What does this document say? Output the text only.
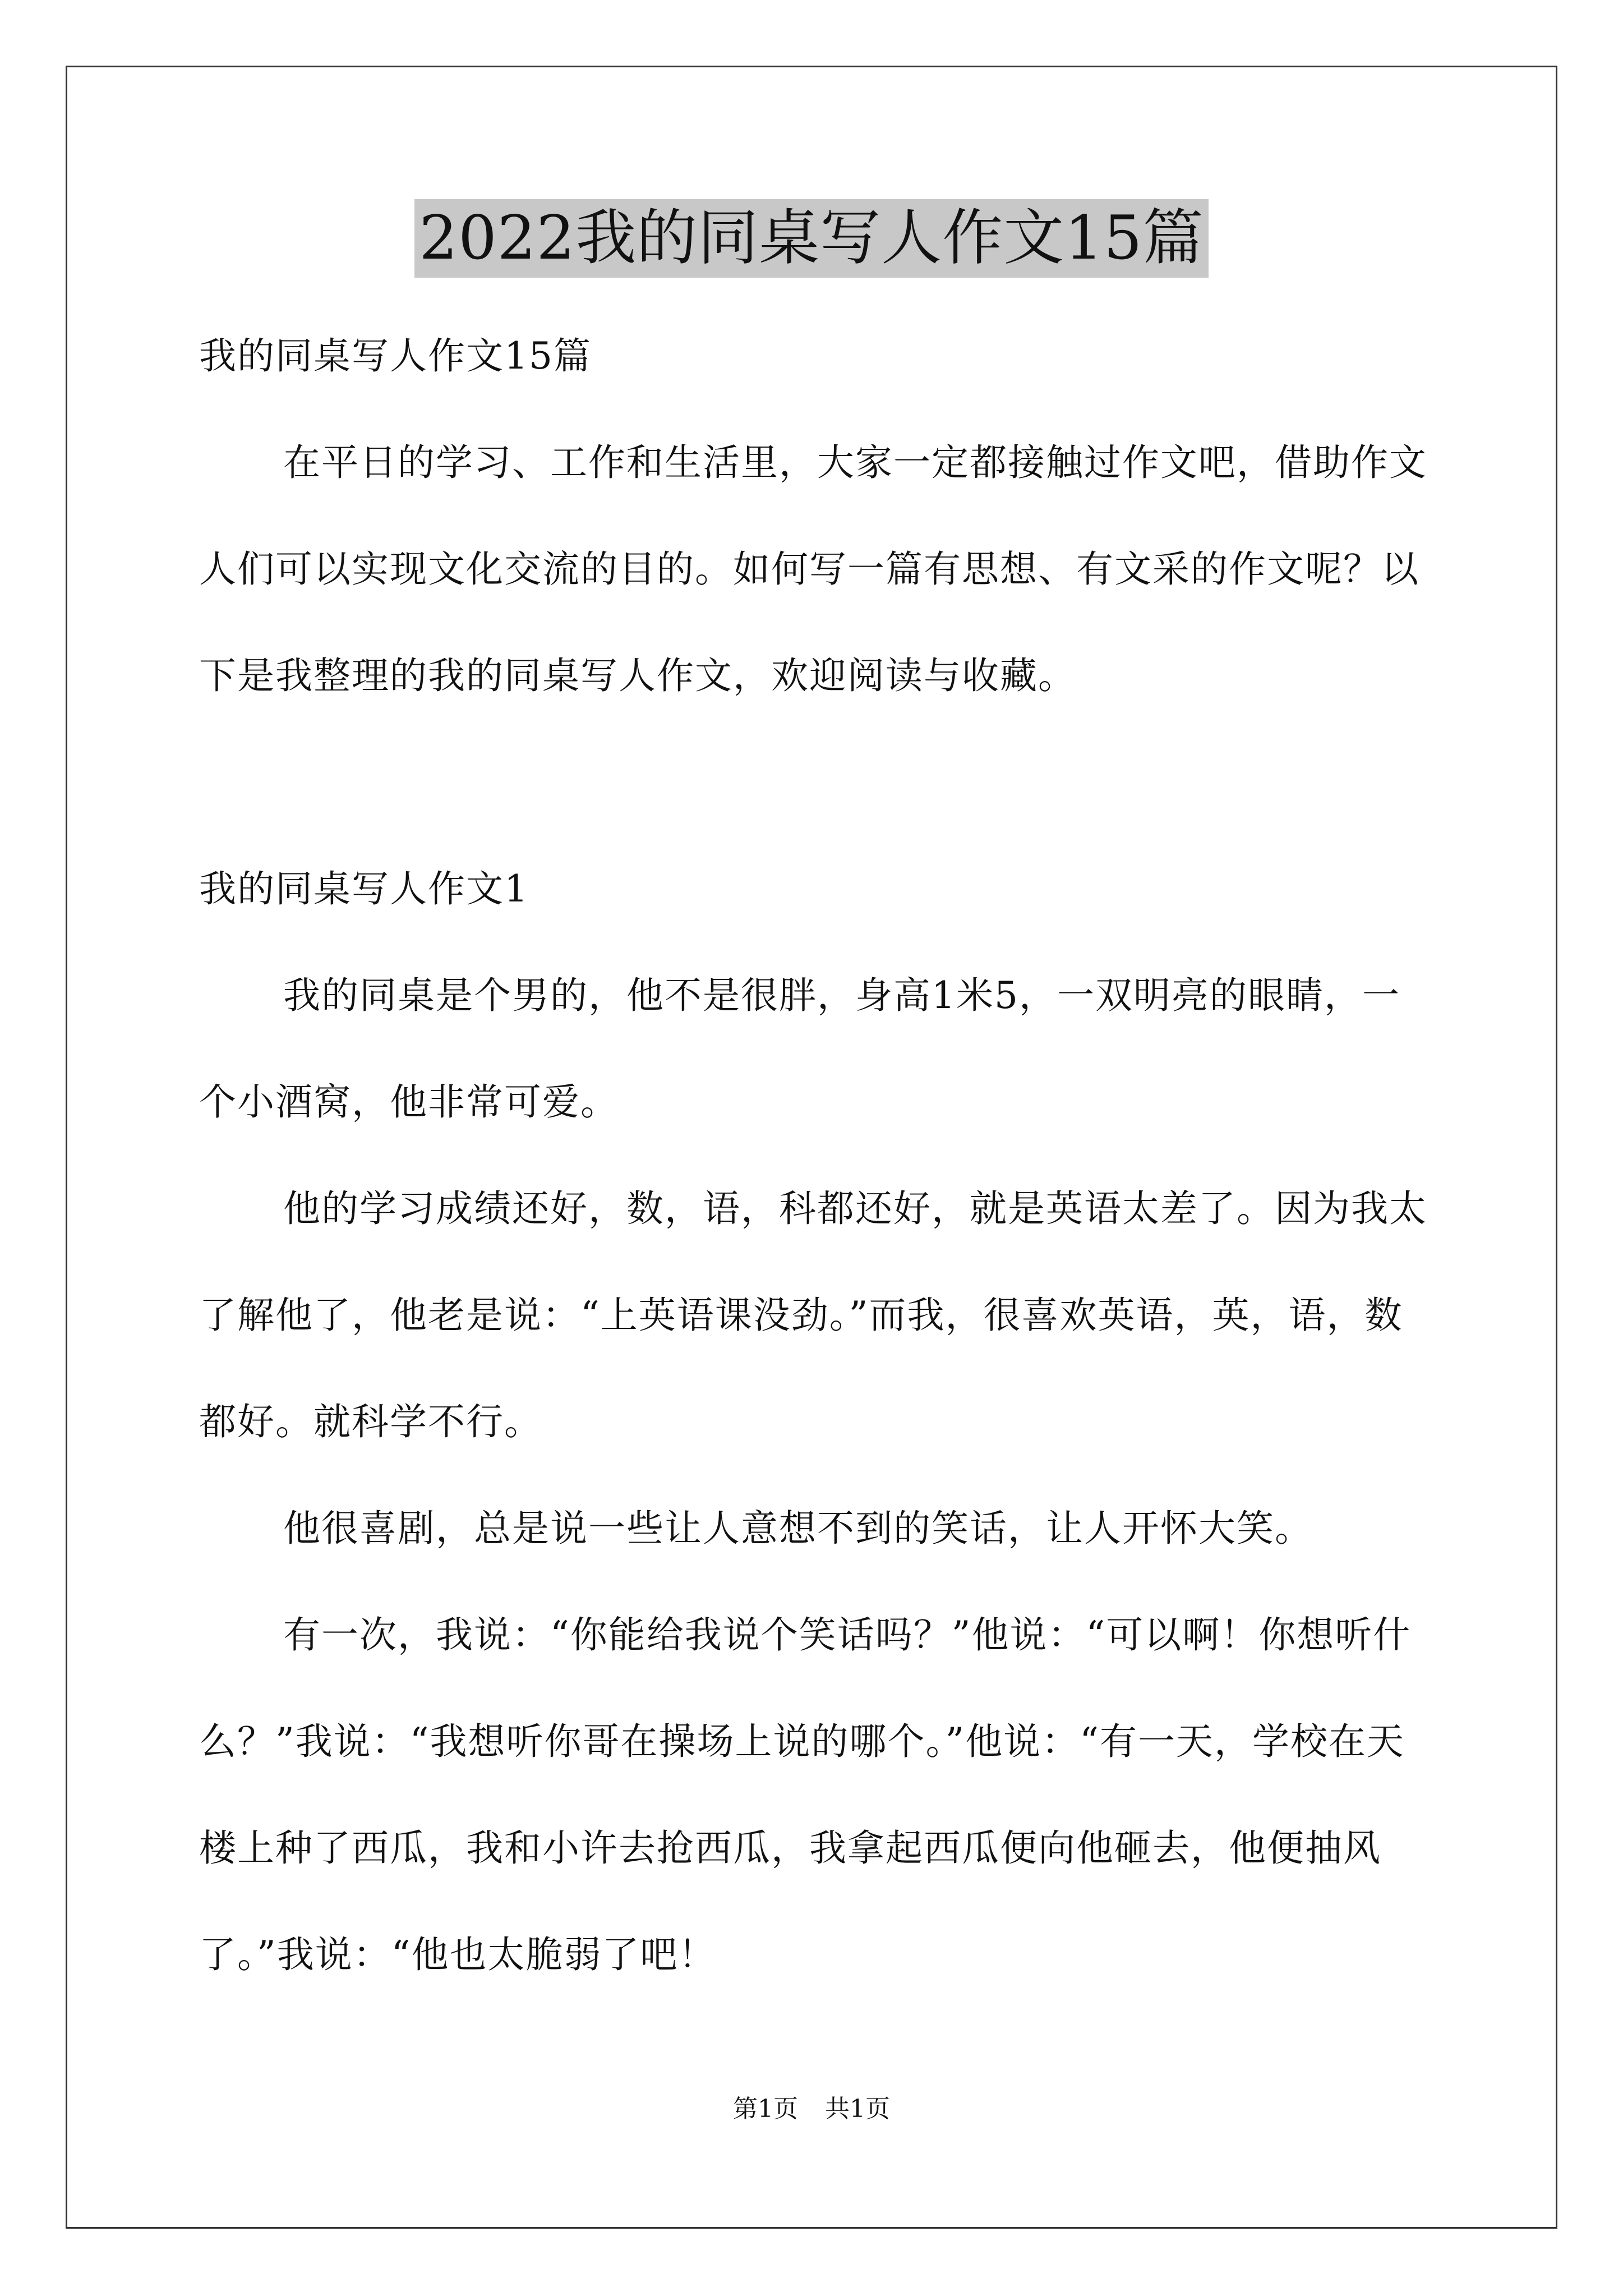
2022我的同桌写人作文15篇

我的同桌写人作文15篇

在平日的学习、工作和生活里，大家一定都接触过作文吧，借助作文人们可以实现文化交流的目的。如何写一篇有思想、有文采的作文呢？以下是我整理的我的同桌写人作文，欢迎阅读与收藏。

我的同桌写人作文1

我的同桌是个男的，他不是很胖，身高1米5，一双明亮的眼睛，一个小酒窝，他非常可爱。

他的学习成绩还好，数，语，科都还好，就是英语太差了。因为我太了解他了，他老是说：“上英语课没劲。”而我，很喜欢英语，英，语，数都好。就科学不行。

他很喜剧，总是说一些让人意想不到的笑话，让人开怀大笑。

有一次，我说：“你能给我说个笑话吗？”他说：“可以啊！你想听什么？”我说：“我想听你哥在操场上说的哪个。”他说：“有一天，学校在天楼上种了西瓜，我和小许去抢西瓜，我拿起西瓜便向他砸去，他便抽风了。”我说：“他也太脆弱了吧！

第1页 共1页
